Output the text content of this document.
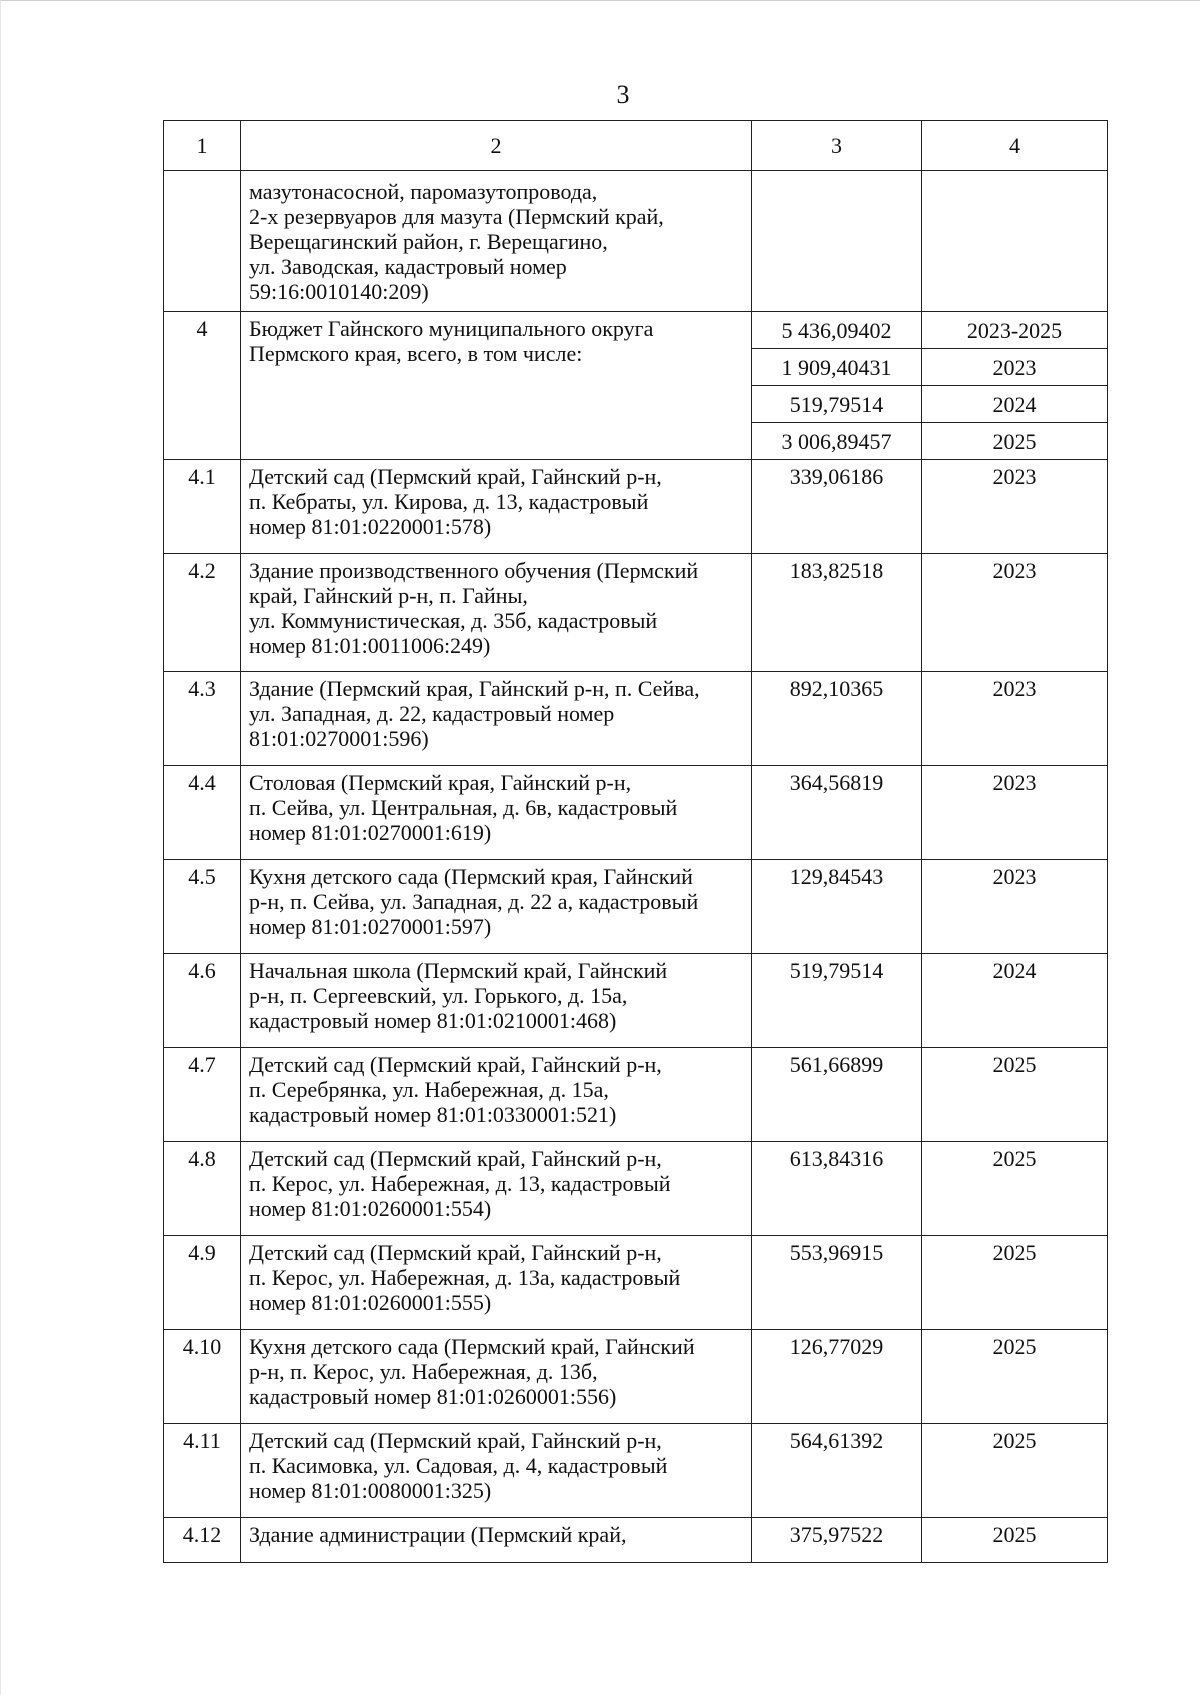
3
1	2	3	4
	мазутонасосной, паромазутопровода,
2-х резервуаров для мазута (Пермский край,
Верещагинский район, г. Верещагино,
ул. Заводская, кадастровый номер
59:16:0010140:209)		
4	Бюджет Гайнского муниципального округа
Пермского края, всего, в том числе:	5 436,09402	2023-2025
		1 909,40431	2023
		519,79514	2024
		3 006,89457	2025
4.1	Детский сад (Пермский край, Гайнский р-н,
п. Кебраты, ул. Кирова, д. 13, кадастровый
номер 81:01:0220001:578)	339,06186	2023
4.2	Здание производственного обучения (Пермский
край, Гайнский р-н, п. Гайны,
ул. Коммунистическая, д. 35б, кадастровый
номер 81:01:0011006:249)	183,82518	2023
4.3	Здание (Пермский края, Гайнский р-н, п. Сейва,
ул. Западная, д. 22, кадастровый номер
81:01:0270001:596)	892,10365	2023
4.4	Столовая (Пермский края, Гайнский р-н,
п. Сейва, ул. Центральная, д. 6в, кадастровый
номер 81:01:0270001:619)	364,56819	2023
4.5	Кухня детского сада (Пермский края, Гайнский
р-н, п. Сейва, ул. Западная, д. 22 а, кадастровый
номер 81:01:0270001:597)	129,84543	2023
4.6	Начальная школа (Пермский край, Гайнский
р-н, п. Сергеевский, ул. Горького, д. 15а,
кадастровый номер 81:01:0210001:468)	519,79514	2024
4.7	Детский сад (Пермский край, Гайнский р-н,
п. Серебрянка, ул. Набережная, д. 15а,
кадастровый номер 81:01:0330001:521)	561,66899	2025
4.8	Детский сад (Пермский край, Гайнский р-н,
п. Керос, ул. Набережная, д. 13, кадастровый
номер 81:01:0260001:554)	613,84316	2025
4.9	Детский сад (Пермский край, Гайнский р-н,
п. Керос, ул. Набережная, д. 13а, кадастровый
номер 81:01:0260001:555)	553,96915	2025
4.10	Кухня детского сада (Пермский край, Гайнский
р-н, п. Керос, ул. Набережная, д. 13б,
кадастровый номер 81:01:0260001:556)	126,77029	2025
4.11	Детский сад (Пермский край, Гайнский р-н,
п. Касимовка, ул. Садовая, д. 4, кадастровый
номер 81:01:0080001:325)	564,61392	2025
4.12	Здание администрации (Пермский край,	375,97522	2025
